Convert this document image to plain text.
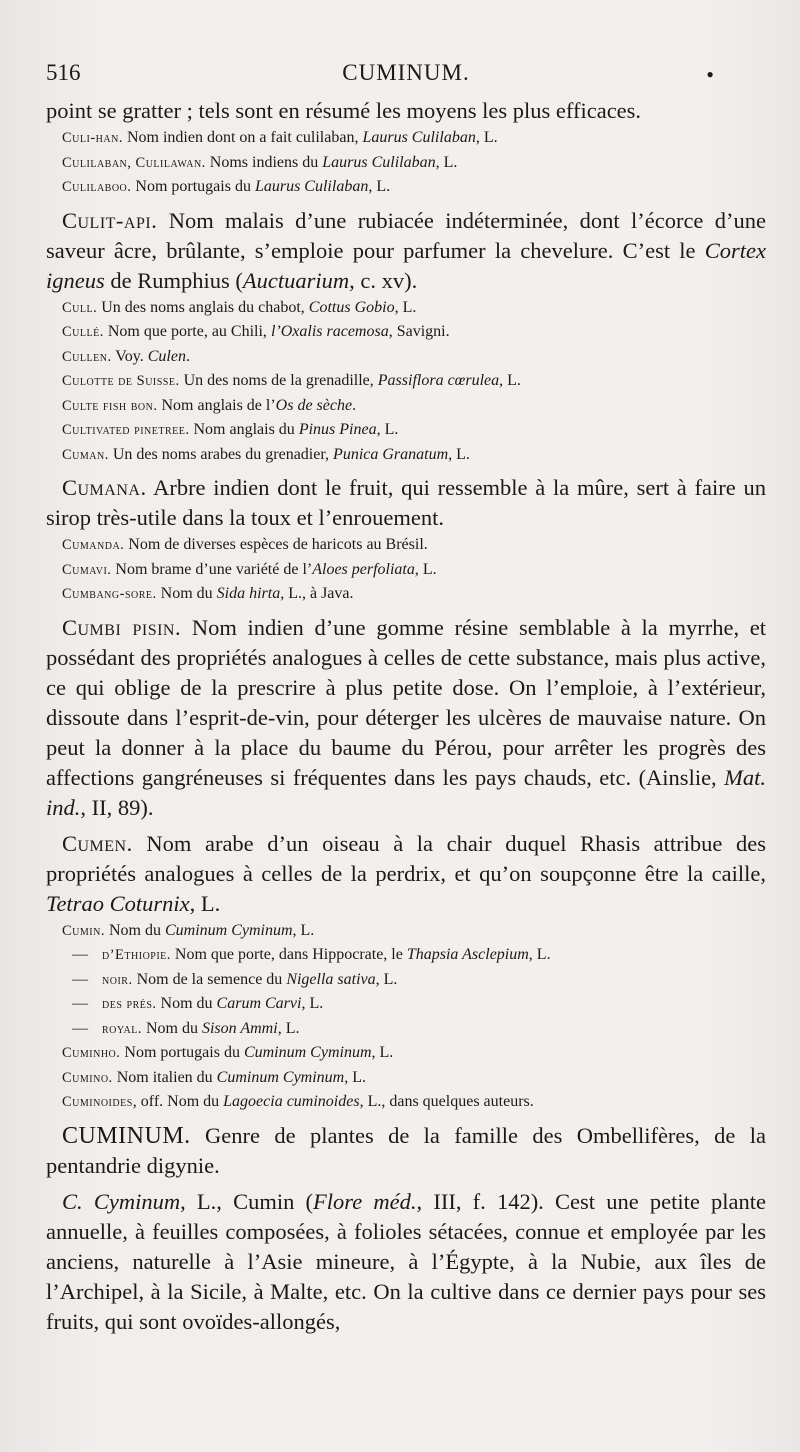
516	CUMINUM.	•

point se gratter ; tels sont en résumé les moyens les plus efficaces.

Culi-han. Nom indien dont on a fait culilaban, Laurus Culilaban, L.

Culilaban, Culilawan. Noms indiens du Laurus Culilaban, L.

Culilaboo. Nom portugais du Laurus Culilaban, L.

Culit-api. Nom malais d’une rubiacée indéterminée, dont l’écorce d’une saveur âcre, brûlante, s’emploie pour parfumer la chevelure. C’est le Cortex igneus de Rumphius (Auctuarium, c. xv).

Cull. Un des noms anglais du chabot, Cottus Gobio, L.

Cullé. Nom que porte, au Chili, l’Oxalis racemosa, Savigni.

Cullen. Voy. Culen.

Culotte de Suisse. Un des noms de la grenadille, Passiflora cœrulea, L.

Culte fish bon. Nom anglais de l’Os de sèche.

Cultivated pinetree. Nom anglais du Pinus Pinea, L.

Cuman. Un des noms arabes du grenadier, Punica Granatum, L.

Cumana. Arbre indien dont le fruit, qui ressemble à la mûre, sert à faire un sirop très-utile dans la toux et l’enrouement.

Cumanda. Nom de diverses espèces de haricots au Brésil.

Cumavi. Nom brame d’une variété de l’Aloes perfoliata, L.

Cumbang-sore. Nom du Sida hirta, L., à Java.

Cumbi pisin. Nom indien d’une gomme résine semblable à la myrrhe, et possédant des propriétés analogues à celles de cette substance, mais plus active, ce qui oblige de la prescrire à plus petite dose. On l’emploie, à l’extérieur, dissoute dans l’esprit-de-vin, pour déterger les ulcères de mauvaise nature. On peut la donner à la place du baume du Pérou, pour arrêter les progrès des affections gangréneuses si fréquentes dans les pays chauds, etc. (Ainslie, Mat. ind., II, 89).

Cumen. Nom arabe d’un oiseau à la chair duquel Rhasis attribue des propriétés analogues à celles de la perdrix, et qu’on soupçonne être la caille, Tetrao Coturnix, L.

Cumin. Nom du Cuminum Cyminum, L.

— d’Ethiopie. Nom que porte, dans Hippocrate, le Thapsia Asclepium, L.

— noir. Nom de la semence du Nigella sativa, L.

— des prés. Nom du Carum Carvi, L.

— royal. Nom du Sison Ammi, L.

Cuminho. Nom portugais du Cuminum Cyminum, L.

Cumino. Nom italien du Cuminum Cyminum, L.

Cuminoides, off. Nom du Lagoecia cuminoides, L., dans quelques auteurs.

CUMINUM. Genre de plantes de la famille des Ombellifères, de la pentandrie digynie.

C. Cyminum, L., Cumin (Flore méd., III, f. 142). Cest une petite plante annuelle, à feuilles composées, à folioles sétacées, connue et employée par les anciens, naturelle à l’Asie mineure, à l’Égypte, à la Nubie, aux îles de l’Archipel, à la Sicile, à Malte, etc. On la cultive dans ce dernier pays pour ses fruits, qui sont ovoïdes-allongés,
